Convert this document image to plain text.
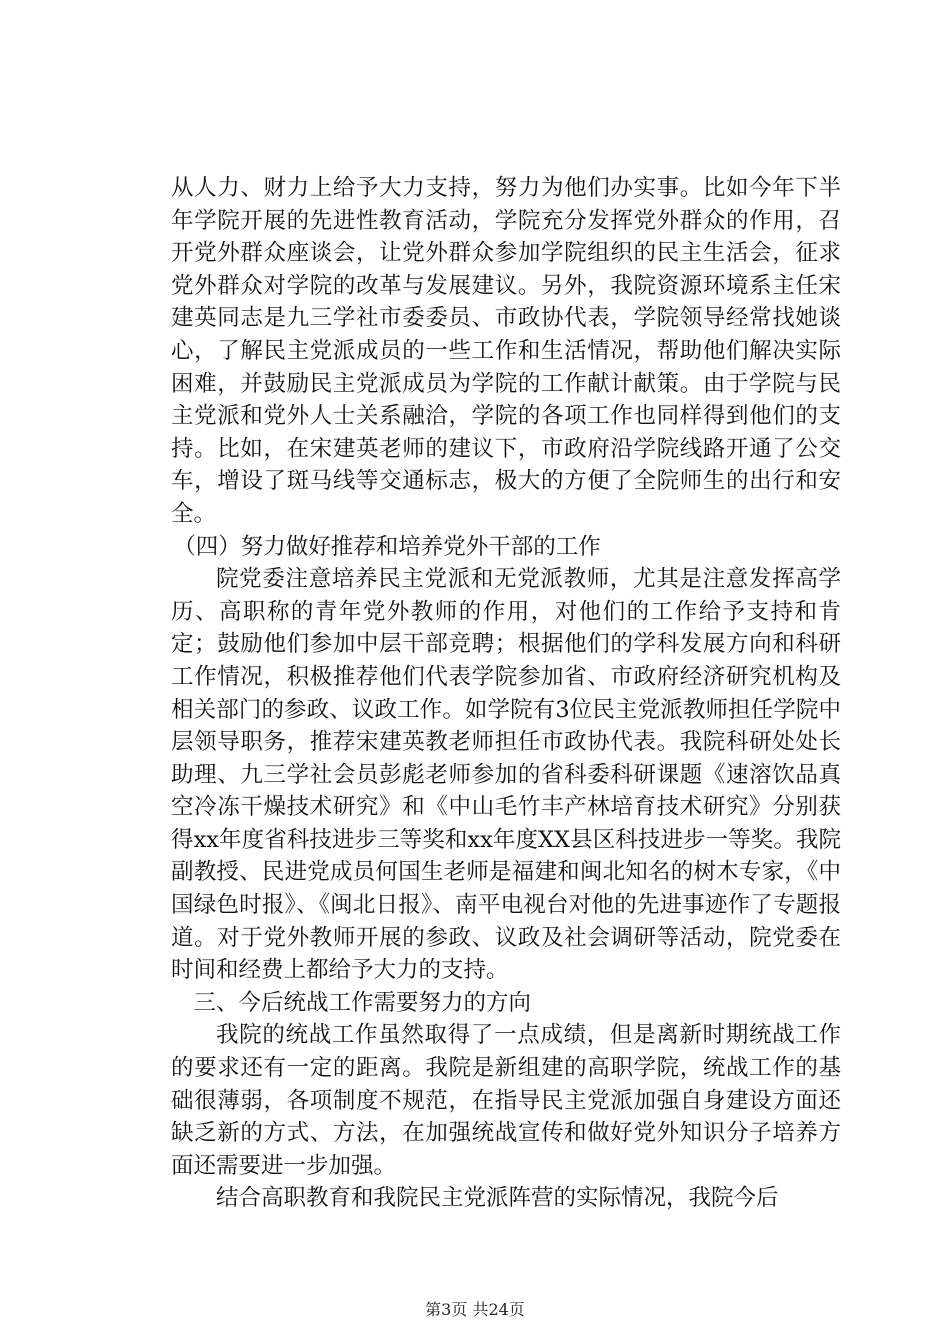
从人力、财力上给予大力支持，努力为他们办实事。比如今年下半年学院开展的先进性教育活动，学院充分发挥党外群众的作用，召开党外群众座谈会，让党外群众参加学院组织的民主生活会，征求党外群众对学院的改革与发展建议。另外，我院资源环境系主任宋建英同志是九三学社市委委员、市政协代表，学院领导经常找她谈心，了解民主党派成员的一些工作和生活情况，帮助他们解决实际困难，并鼓励民主党派成员为学院的工作献计献策。由于学院与民主党派和党外人士关系融洽，学院的各项工作也同样得到他们的支持。比如，在宋建英老师的建议下，市政府沿学院线路开通了公交车，增设了斑马线等交通标志，极大的方便了全院师生的出行和安全。

（四）努力做好推荐和培养党外干部的工作

院党委注意培养民主党派和无党派教师，尤其是注意发挥高学历、高职称的青年党外教师的作用，对他们的工作给予支持和肯定；鼓励他们参加中层干部竞聘；根据他们的学科发展方向和科研工作情况，积极推荐他们代表学院参加省、市政府经济研究机构及相关部门的参政、议政工作。如学院有3位民主党派教师担任学院中层领导职务，推荐宋建英教老师担任市政协代表。我院科研处处长助理、九三学社会员彭彪老师参加的省科委科研课题《速溶饮品真空冷冻干燥技术研究》和《中山毛竹丰产林培育技术研究》分别获得xx年度省科技进步三等奖和xx年度XX县区科技进步一等奖。我院副教授、民进党成员何国生老师是福建和闽北知名的树木专家，《中国绿色时报》、《闽北日报》、南平电视台对他的先进事迹作了专题报道。对于党外教师开展的参政、议政及社会调研等活动，院党委在时间和经费上都给予大力的支持。

三、今后统战工作需要努力的方向

我院的统战工作虽然取得了一点成绩，但是离新时期统战工作的要求还有一定的距离。我院是新组建的高职学院，统战工作的基础很薄弱，各项制度不规范，在指导民主党派加强自身建设方面还缺乏新的方式、方法，在加强统战宣传和做好党外知识分子培养方面还需要进一步加强。

结合高职教育和我院民主党派阵营的实际情况，我院今后

第3页 共24页
